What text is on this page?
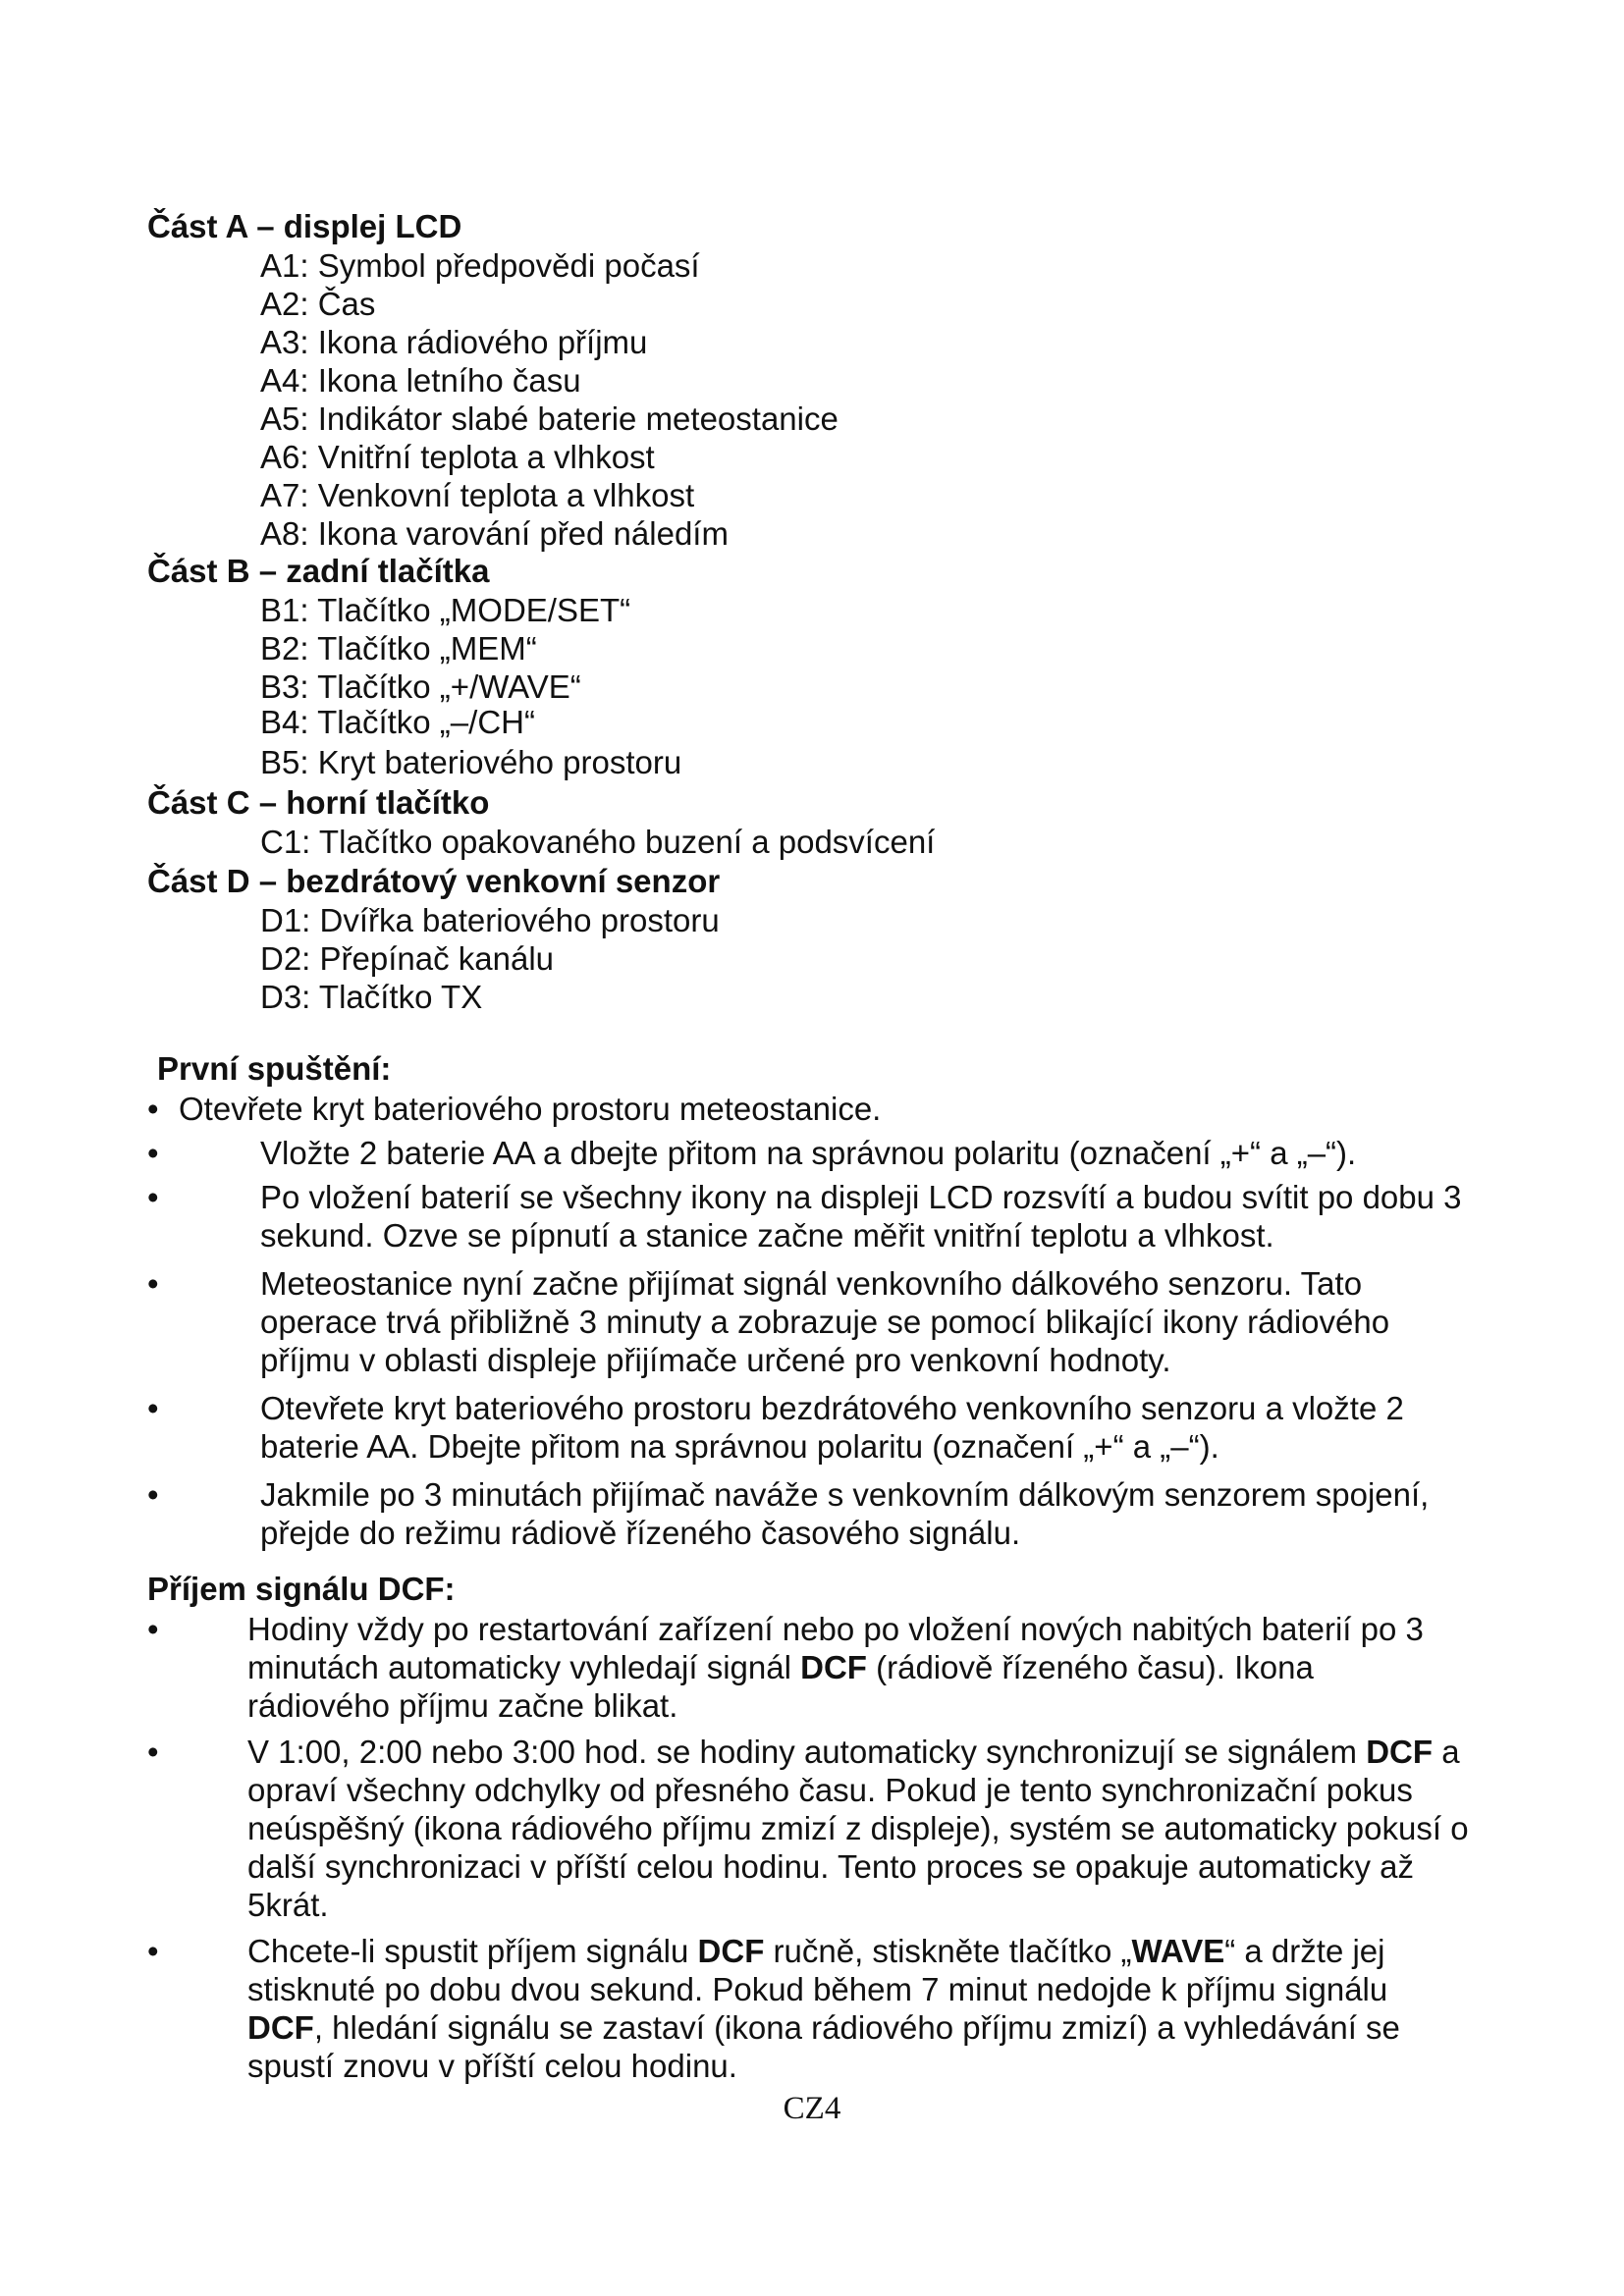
Část A – displej LCD
A1: Symbol předpovědi počasí
A2: Čas
A3: Ikona rádiového příjmu
A4: Ikona letního času
A5: Indikátor slabé baterie meteostanice
A6: Vnitřní teplota a vlhkost
A7: Venkovní teplota a vlhkost
A8: Ikona varování před náledím
Část B – zadní tlačítka
B1: Tlačítko „MODE/SET“
B2: Tlačítko „MEM“
B3: Tlačítko „+/WAVE“
B4: Tlačítko „–/CH“
B5: Kryt bateriového prostoru
Část C – horní tlačítko
C1: Tlačítko opakovaného buzení a podsvícení
Část D – bezdrátový venkovní senzor
D1: Dvířka bateriového prostoru
D2: Přepínač kanálu
D3: Tlačítko TX
První spuštění:
• Otevřete kryt bateriového prostoru meteostanice.
•	Vložte 2 baterie AA a dbejte přitom na správnou polaritu (označení „+“ a „–“).
•	Po vložení baterií se všechny ikony na displeji LCD rozsvítí a budou svítit po dobu 3 sekund. Ozve se pípnutí a stanice začne měřit vnitřní teplotu a vlhkost.
•	Meteostanice nyní začne přijímat signál venkovního dálkového senzoru. Tato operace trvá přibližně 3 minuty a zobrazuje se pomocí blikající ikony rádiového příjmu v oblasti displeje přijímače určené pro venkovní hodnoty.
•	Otevřete kryt bateriového prostoru bezdrátového venkovního senzoru a vložte 2 baterie AA. Dbejte přitom na správnou polaritu (označení „+“ a „–“).
•	Jakmile po 3 minutách přijímač naváže s venkovním dálkovým senzorem spojení, přejde do režimu rádiově řízeného časového signálu.
Příjem signálu DCF:
•	Hodiny vždy po restartování zařízení nebo po vložení nových nabitých baterií po 3 minutách automaticky vyhledají signál DCF (rádiově řízeného času). Ikona rádiového příjmu začne blikat.
•	V 1:00, 2:00 nebo 3:00 hod. se hodiny automaticky synchronizují se signálem DCF a opraví všechny odchylky od přesného času. Pokud je tento synchronizační pokus neúspěšný (ikona rádiového příjmu zmizí z displeje), systém se automaticky pokusí o další synchronizaci v příští celou hodinu. Tento proces se opakuje automaticky až 5krát.
•	Chcete-li spustit příjem signálu DCF ručně, stiskněte tlačítko „WAVE“ a držte jej stisknuté po dobu dvou sekund. Pokud během 7 minut nedojde k příjmu signálu DCF, hledání signálu se zastaví (ikona rádiového příjmu zmizí) a vyhledávání se spustí znovu v příští celou hodinu.
CZ4
